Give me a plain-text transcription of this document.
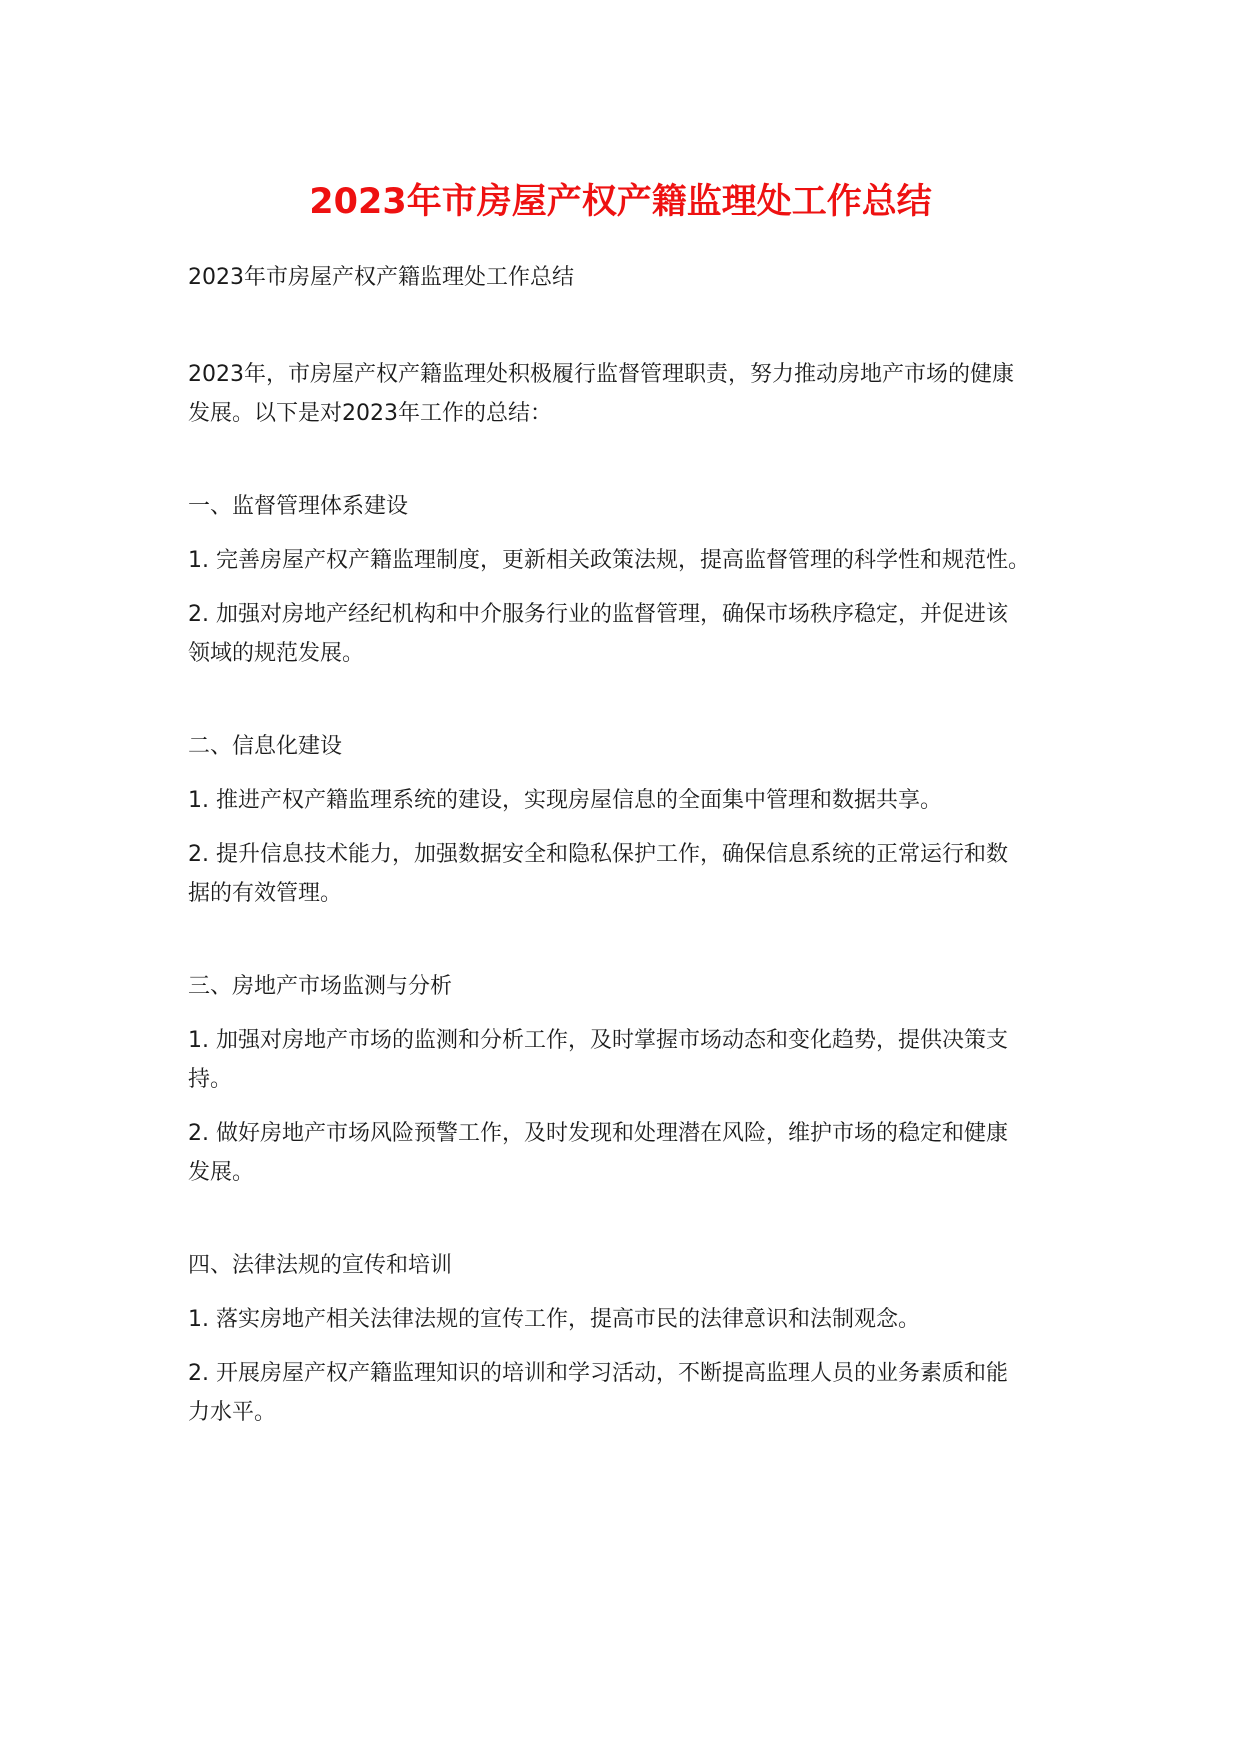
2023年市房屋产权产籍监理处工作总结

2023年市房屋产权产籍监理处工作总结

2023年，市房屋产权产籍监理处积极履行监督管理职责，努力推动房地产市场的健康

发展。以下是对2023年工作的总结：

一、监督管理体系建设

1. 完善房屋产权产籍监理制度，更新相关政策法规，提高监督管理的科学性和规范性。

2. 加强对房地产经纪机构和中介服务行业的监督管理，确保市场秩序稳定，并促进该

领域的规范发展。

二、信息化建设

1. 推进产权产籍监理系统的建设，实现房屋信息的全面集中管理和数据共享。

2. 提升信息技术能力，加强数据安全和隐私保护工作，确保信息系统的正常运行和数

据的有效管理。

三、房地产市场监测与分析

1. 加强对房地产市场的监测和分析工作，及时掌握市场动态和变化趋势，提供决策支

持。

2. 做好房地产市场风险预警工作，及时发现和处理潜在风险，维护市场的稳定和健康

发展。

四、法律法规的宣传和培训

1. 落实房地产相关法律法规的宣传工作，提高市民的法律意识和法制观念。

2. 开展房屋产权产籍监理知识的培训和学习活动，不断提高监理人员的业务素质和能

力水平。
